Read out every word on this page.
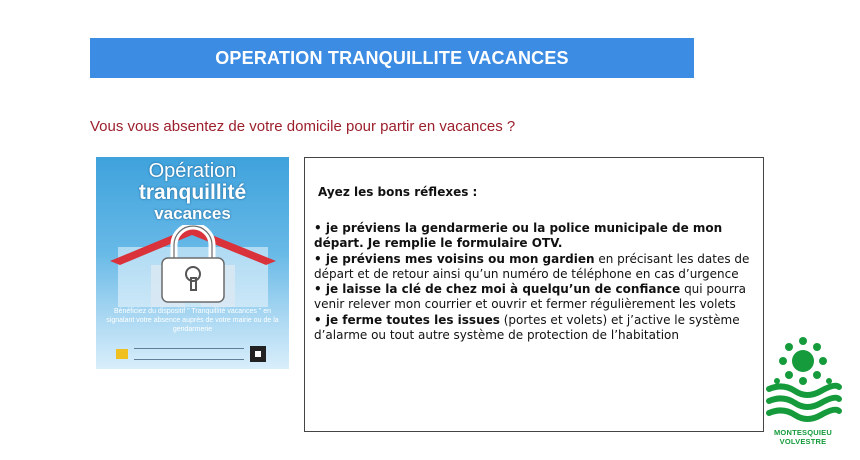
OPERATION TRANQUILLITE VACANCES
Vous vous absentez de votre domicile pour partir en vacances ?
Opération
tranquillité
vacances
Bénéficiez du dispositif " Tranquillité vacances " en signalant votre absence auprès de votre mairie ou de la gendarmerie
Ayez les bons réflexes :

• je préviens la gendarmerie ou la police municipale de mon départ. Je remplie le formulaire OTV.

• je préviens mes voisins ou mon gardien en précisant les dates de départ et de retour ainsi qu’un numéro de téléphone en cas d’urgence

• je laisse la clé de chez moi à quelqu’un de confiance qui pourra venir relever mon courrier et ouvrir et fermer régulièrement les volets

• je ferme toutes les issues (portes et volets) et j’active le système d’alarme ou tout autre système de protection de l’habitation

MONTESQUIEU
VOLVESTRE
